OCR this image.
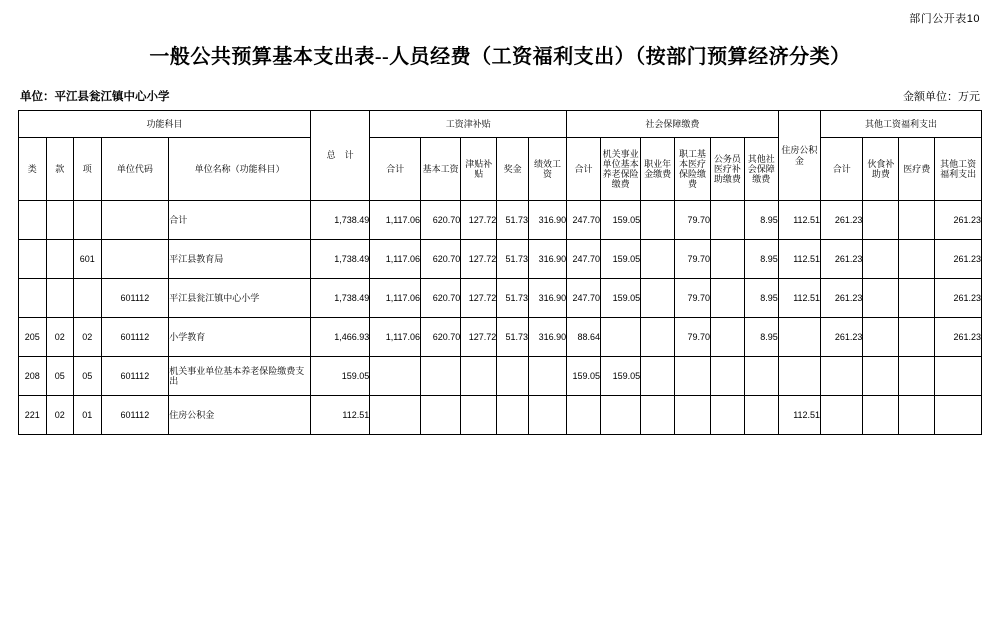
部门公开表10
一般公共预算基本支出表--人员经费（工资福利支出）（按部门预算经济分类）
单位：平江县瓮江镇中心小学	金额单位：万元
功能科目					总　计	工资津补贴					社会保障缴费						住房公积金	其他工资福利支出			
类	款	项	单位代码	单位名称（功能科目）		合计	基本工资	津贴补贴	奖金	绩效工资	合计	机关事业单位基本养老保险缴费	职业年金缴费	职工基本医疗保险缴费	公务员医疗补助缴费	其他社会保障缴费		合计	伙食补助费	医疗费	其他工资福利支出
				合计	1,738.49	1,117.06	620.70	127.72	51.73	316.90	247.70	159.05		79.70		8.95	112.51	261.23			261.23
		601		平江县教育局	1,738.49	1,117.06	620.70	127.72	51.73	316.90	247.70	159.05		79.70		8.95	112.51	261.23			261.23
			601112	平江县瓮江镇中心小学	1,738.49	1,117.06	620.70	127.72	51.73	316.90	247.70	159.05		79.70		8.95	112.51	261.23			261.23
205	02	02	601112	小学教育	1,466.93	1,117.06	620.70	127.72	51.73	316.90	88.64			79.70		8.95		261.23			261.23
208	05	05	601112	机关事业单位基本养老保险缴费支出	159.05						159.05	159.05									
221	02	01	601112	住房公积金	112.51												112.51				
